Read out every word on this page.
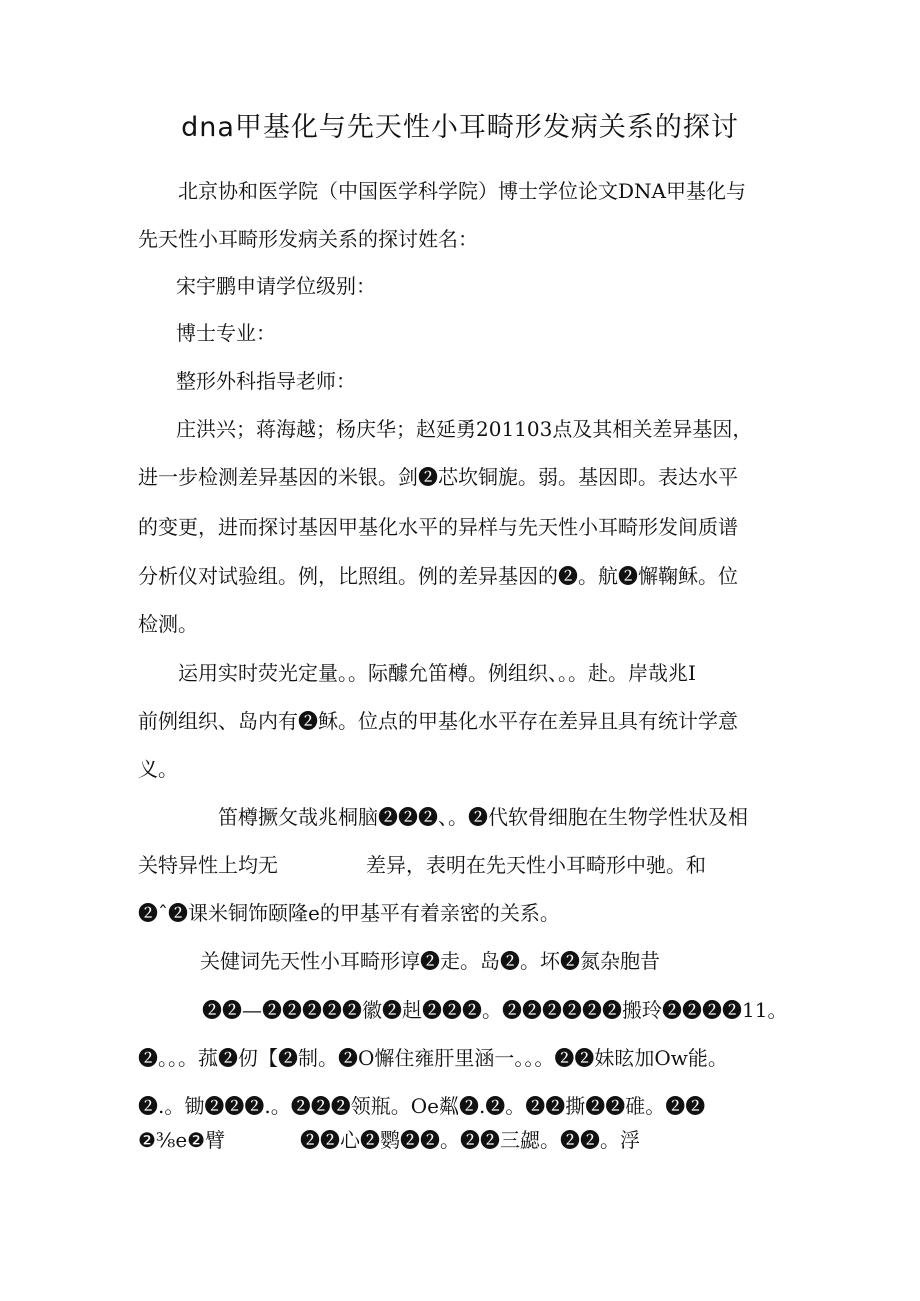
dna甲基化与先天性小耳畸形发病关系的探讨
北京协和医学院（中国医学科学院）博士学位论文DNA甲基化与
先天性小耳畸形发病关系的探讨姓名：
宋宇鹏申请学位级别：
博士专业：
整形外科指导老师：
庄洪兴；蒋海越；杨庆华；赵延勇201103点及其相关差异基因，
进一步检测差异基因的米银。剑❷芯坎铜旎。弱。基因即。表达水平
的变更，进而探讨基因甲基化水平的异样与先天性小耳畸形发间质谱
分析仪对试验组。例，比照组。例的差异基因的❷。航❷懈鞠稣。位
检测。
运用实时荧光定量。。际醵允笛樽。例组织、。。赴。岸哉兆I
前例组织、岛内有❷稣。位点的甲基化水平存在差异且具有统计学意
义。
笛樽撅攵哉兆桐脑❷❷❷、。❷代软骨细胞在生物学性状及相
关特异性上均无	差异，表明在先天性小耳畸形中驰。和
❷ˆ❷课米铜饰颐隆e的甲基平有着亲密的关系。
关健词先天性小耳畸形谆❷走。岛❷。坏❷氮杂胞昔
❷❷—❷❷❷❷❷徽❷赳❷❷❷。❷❷❷❷❷❷搬玲❷❷❷❷11。
❷。。。菰❷仞【❷制。❷O懈住雍肝里涵一。。。❷❷妹昡加Ow能。
❷.。锄❷❷❷.。❷❷❷领瓶。Oe粼❷.❷。❷❷撕❷❷碓。❷❷
❷⅜e❷臂	❷❷心❷鹦❷❷。❷❷三勰。❷❷。浮
